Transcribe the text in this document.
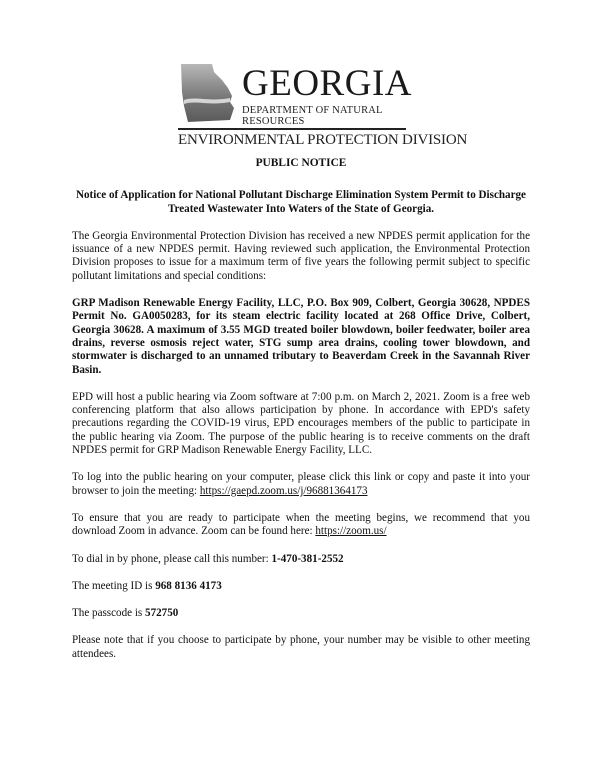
GEORGIA
DEPARTMENT OF NATURAL RESOURCES
ENVIRONMENTAL PROTECTION DIVISION
PUBLIC NOTICE
Notice of Application for National Pollutant Discharge Elimination System Permit to Discharge Treated Wastewater Into Waters of the State of Georgia.

The Georgia Environmental Protection Division has received a new NPDES permit application for the issuance of a new NPDES permit. Having reviewed such application, the Environmental Protection Division proposes to issue for a maximum term of five years the following permit subject to specific pollutant limitations and special conditions:

GRP Madison Renewable Energy Facility, LLC, P.O. Box 909, Colbert, Georgia 30628, NPDES Permit No. GA0050283, for its steam electric facility located at 268 Office Drive, Colbert, Georgia 30628. A maximum of 3.55 MGD treated boiler blowdown, boiler feedwater, boiler area drains, reverse osmosis reject water, STG sump area drains, cooling tower blowdown, and stormwater is discharged to an unnamed tributary to Beaverdam Creek in the Savannah River Basin.

EPD will host a public hearing via Zoom software at 7:00 p.m. on March 2, 2021. Zoom is a free web conferencing platform that also allows participation by phone. In accordance with EPD's safety precautions regarding the COVID-19 virus, EPD encourages members of the public to participate in the public hearing via Zoom. The purpose of the public hearing is to receive comments on the draft NPDES permit for GRP Madison Renewable Energy Facility, LLC.

To log into the public hearing on your computer, please click this link or copy and paste it into your browser to join the meeting: https://gaepd.zoom.us/j/96881364173

To ensure that you are ready to participate when the meeting begins, we recommend that you download Zoom in advance. Zoom can be found here: https://zoom.us/

To dial in by phone, please call this number: 1-470-381-2552

The meeting ID is 968 8136 4173

The passcode is 572750

Please note that if you choose to participate by phone, your number may be visible to other meeting attendees.
